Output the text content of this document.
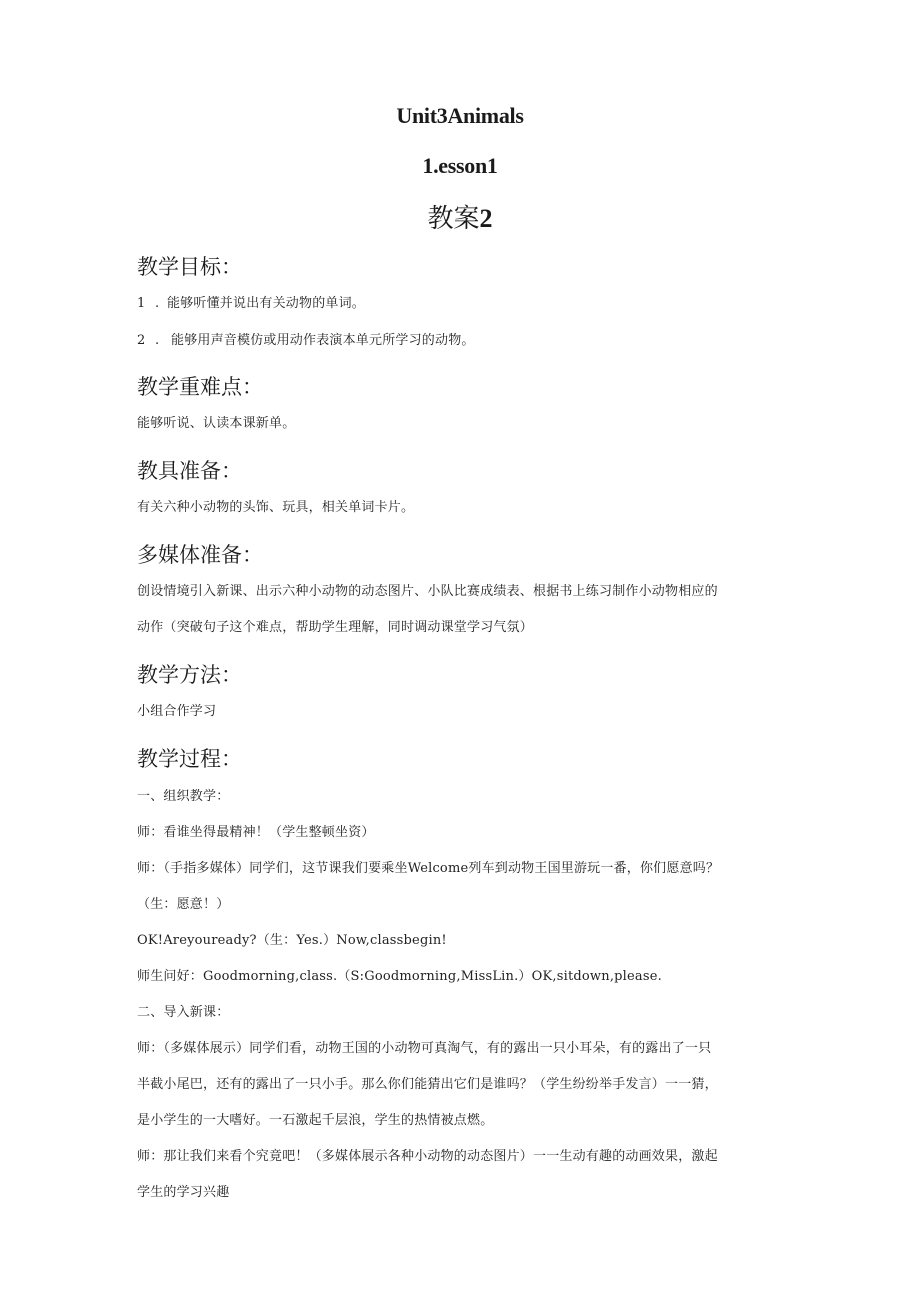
Unit3Animals
1.esson1
教案2
教学目标：
1 . 能够听懂并说出有关动物的单词。
2 . 能够用声音模仿或用动作表演本单元所学习的动物。
教学重难点：
能够听说、认读本课新单。
教具准备：
有关六种小动物的头饰、玩具，相关单词卡片。
多媒体准备：
创设情境引入新课、出示六种小动物的动态图片、小队比赛成绩表、根据书上练习制作小动物相应的
动作（突破句子这个难点，帮助学生理解，同时调动课堂学习气氛）
教学方法：
小组合作学习
教学过程：
一、组织教学：
师：看谁坐得最精神！（学生整顿坐资）
师：（手指多媒体）同学们，这节课我们要乘坐Welcome列车到动物王国里游玩一番，你们愿意吗？
（生：愿意！）
OK!Areyouready?（生：Yes.）Now,classbegin!
师生问好：Goodmorning,class.（S:Goodmorning,MissLin.）OK,sitdown,please.
二、导入新课：
师：（多媒体展示）同学们看，动物王国的小动物可真淘气，有的露出一只小耳朵，有的露出了一只
半截小尾巴，还有的露出了一只小手。那么你们能猜出它们是谁吗？（学生纷纷举手发言）一一猜，
是小学生的一大嗜好。一石激起千层浪，学生的热情被点燃。
师：那让我们来看个究竟吧！（多媒体展示各种小动物的动态图片）一一生动有趣的动画效果，激起
学生的学习兴趣
